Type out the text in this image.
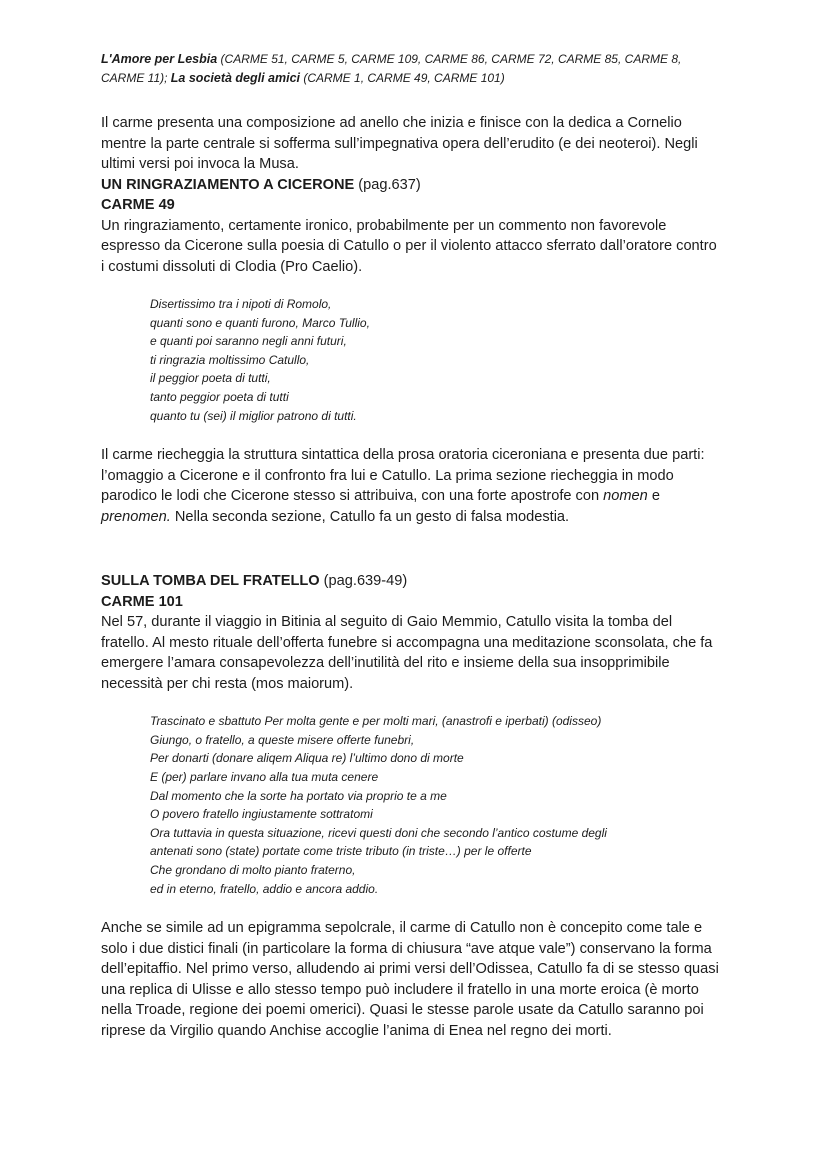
L'Amore per Lesbia (CARME 51, CARME 5, CARME 109, CARME 86, CARME 72, CARME 85, CARME 8, CARME 11); La società degli amici (CARME 1, CARME 49, CARME 101)

Il carme presenta una composizione ad anello che inizia e finisce con la dedica a Cornelio mentre la parte centrale si sofferma sull’impegnativa opera dell’erudito (e dei neoteroi). Negli ultimi versi poi invoca la Musa.

UN RINGRAZIAMENTO A CICERONE (pag.637)

CARME 49

Un ringraziamento, certamente ironico, probabilmente per un commento non favorevole espresso da Cicerone sulla poesia di Catullo o per il violento attacco sferrato dall’oratore contro i costumi dissoluti di Clodia (Pro Caelio).

Disertissimo tra i nipoti di Romolo,
quanti sono e quanti furono, Marco Tullio,
e quanti poi saranno negli anni futuri,
ti ringrazia moltissimo Catullo,
il peggior poeta di tutti,
tanto peggior poeta di tutti
quanto tu (sei) il miglior patrono di tutti.

Il carme riecheggia la struttura sintattica della prosa oratoria ciceroniana e presenta due parti: l’omaggio a Cicerone e il confronto fra lui e Catullo. La prima sezione riecheggia in modo parodico le lodi che Cicerone stesso si attribuiva, con una forte apostrofe con nomen e prenomen. Nella seconda sezione, Catullo fa un gesto di falsa modestia.

SULLA TOMBA DEL FRATELLO (pag.639-49)

CARME 101

Nel 57, durante il viaggio in Bitinia al seguito di Gaio Memmio, Catullo visita la tomba del fratello. Al mesto rituale dell’offerta funebre si accompagna una meditazione sconsolata, che fa emergere l’amara consapevolezza dell’inutilità del rito e insieme della sua insopprimibile necessità per chi resta (mos maiorum).

Trascinato e sbattuto Per molta gente e per molti mari, (anastrofi e iperbati) (odisseo)
Giungo, o fratello, a queste misere offerte funebri,
Per donarti (donare aliqem Aliqua re) l’ultimo dono di morte
E (per) parlare invano alla tua muta cenere
Dal momento che la sorte ha portato via proprio te a me
O povero fratello ingiustamente sottratomi
Ora tuttavia in questa situazione, ricevi questi doni che secondo l’antico costume degli
antenati sono (state) portate come triste tributo (in triste…) per le offerte
Che grondano di molto pianto fraterno,
ed in eterno, fratello, addio e ancora addio.

Anche se simile ad un epigramma sepolcrale, il carme di Catullo non è concepito come tale e solo i due distici finali (in particolare la forma di chiusura “ave atque vale”) conservano la forma dell’epitaffio. Nel primo verso, alludendo ai primi versi dell’Odissea, Catullo fa di se stesso quasi una replica di Ulisse e allo stesso tempo può includere il fratello in una morte eroica (è morto nella Troade, regione dei poemi omerici). Quasi le stesse parole usate da Catullo saranno poi riprese da Virgilio quando Anchise accoglie l’anima di Enea nel regno dei morti.
